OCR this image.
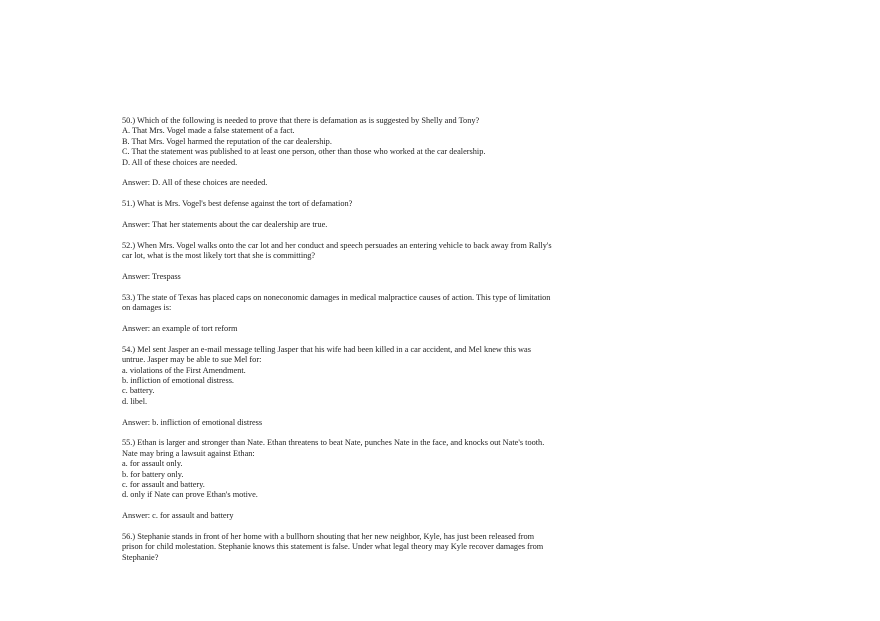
50.) Which of the following is needed to prove that there is defamation as is suggested by Shelly and Tony?
A. That Mrs. Vogel made a false statement of a fact.
B. That Mrs. Vogel harmed the reputation of the car dealership.
C. That the statement was published to at least one person, other than those who worked at the car dealership.
D. All of these choices are needed.
Answer: D. All of these choices are needed.
51.) What is Mrs. Vogel's best defense against the tort of defamation?
Answer: That her statements about the car dealership are true.
52.) When Mrs. Vogel walks onto the car lot and her conduct and speech persuades an entering vehicle to back away from Rally's
car lot, what is the most likely tort that she is committing?
Answer: Trespass
53.) The state of Texas has placed caps on noneconomic damages in medical malpractice causes of action. This type of limitation
on damages is:
Answer: an example of tort reform
54.) Mel sent Jasper an e-mail message telling Jasper that his wife had been killed in a car accident, and Mel knew this was
untrue. Jasper may be able to sue Mel for:
a. violations of the First Amendment.
b. infliction of emotional distress.
c. battery.
d. libel.
Answer: b. infliction of emotional distress
55.) Ethan is larger and stronger than Nate. Ethan threatens to beat Nate, punches Nate in the face, and knocks out Nate's tooth.
Nate may bring a lawsuit against Ethan:
a. for assault only.
b. for battery only.
c. for assault and battery.
d. only if Nate can prove Ethan's motive.
Answer: c. for assault and battery
56.) Stephanie stands in front of her home with a bullhorn shouting that her new neighbor, Kyle, has just been released from
prison for child molestation. Stephanie knows this statement is false. Under what legal theory may Kyle recover damages from
Stephanie?
